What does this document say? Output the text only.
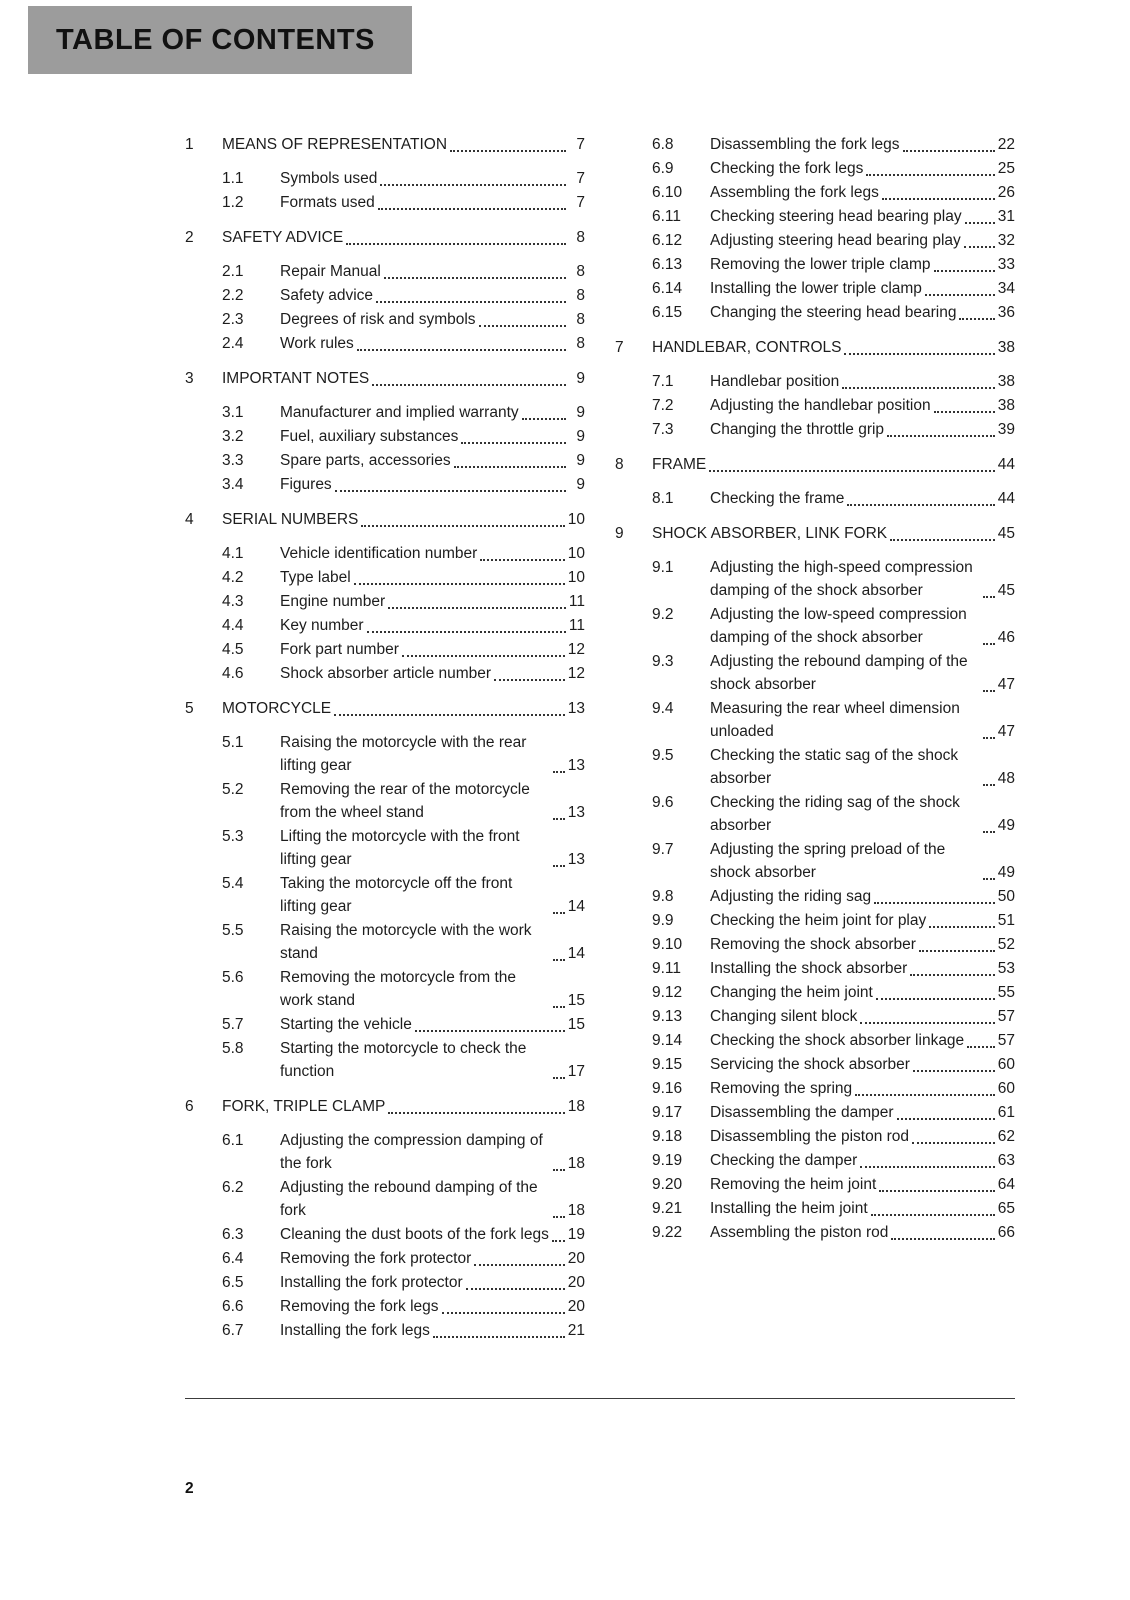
TABLE OF CONTENTS
1	MEANS OF REPRESENTATION	7
1.1	Symbols used	7
1.2	Formats used	7
2	SAFETY ADVICE	8
2.1	Repair Manual	8
2.2	Safety advice	8
2.3	Degrees of risk and symbols	8
2.4	Work rules	8
3	IMPORTANT NOTES	9
3.1	Manufacturer and implied warranty	9
3.2	Fuel, auxiliary substances	9
3.3	Spare parts, accessories	9
3.4	Figures	9
4	SERIAL NUMBERS	10
4.1	Vehicle identification number	10
4.2	Type label	10
4.3	Engine number	11
4.4	Key number	11
4.5	Fork part number	12
4.6	Shock absorber article number	12
5	MOTORCYCLE	13
5.1	Raising the motorcycle with the rear lifting gear	13
5.2	Removing the rear of the motorcycle from the wheel stand	13
5.3	Lifting the motorcycle with the front lifting gear	13
5.4	Taking the motorcycle off the front lifting gear	14
5.5	Raising the motorcycle with the work stand	14
5.6	Removing the motorcycle from the work stand	15
5.7	Starting the vehicle	15
5.8	Starting the motorcycle to check the function	17
6	FORK, TRIPLE CLAMP	18
6.1	Adjusting the compression damping of the fork	18
6.2	Adjusting the rebound damping of the fork	18
6.3	Cleaning the dust boots of the fork legs 19
6.4	Removing the fork protector	20
6.5	Installing the fork protector	20
6.6	Removing the fork legs	20
6.7	Installing the fork legs	21
6.8	Disassembling the fork legs	22
6.9	Checking the fork legs	25
6.10	Assembling the fork legs	26
6.11	Checking steering head bearing play 31
6.12	Adjusting steering head bearing play 32
6.13	Removing the lower triple clamp	33
6.14	Installing the lower triple clamp	34
6.15	Changing the steering head bearing	36
7	HANDLEBAR, CONTROLS	38
7.1	Handlebar position	38
7.2	Adjusting the handlebar position	38
7.3	Changing the throttle grip	39
8	FRAME	44
8.1	Checking the frame	44
9	SHOCK ABSORBER, LINK FORK	45
9.1	Adjusting the high-speed compression damping of the shock absorber	45
9.2	Adjusting the low-speed compression damping of the shock absorber	46
9.3	Adjusting the rebound damping of the shock absorber	47
9.4	Measuring the rear wheel dimension unloaded	47
9.5	Checking the static sag of the shock absorber	48
9.6	Checking the riding sag of the shock absorber	49
9.7	Adjusting the spring preload of the shock absorber	49
9.8	Adjusting the riding sag	50
9.9	Checking the heim joint for play	51
9.10	Removing the shock absorber	52
9.11	Installing the shock absorber	53
9.12	Changing the heim joint	55
9.13	Changing silent block	57
9.14	Checking the shock absorber linkage 57
9.15	Servicing the shock absorber	60
9.16	Removing the spring	60
9.17	Disassembling the damper	61
9.18	Disassembling the piston rod	62
9.19	Checking the damper	63
9.20	Removing the heim joint	64
9.21	Installing the heim joint	65
9.22	Assembling the piston rod	66
2
